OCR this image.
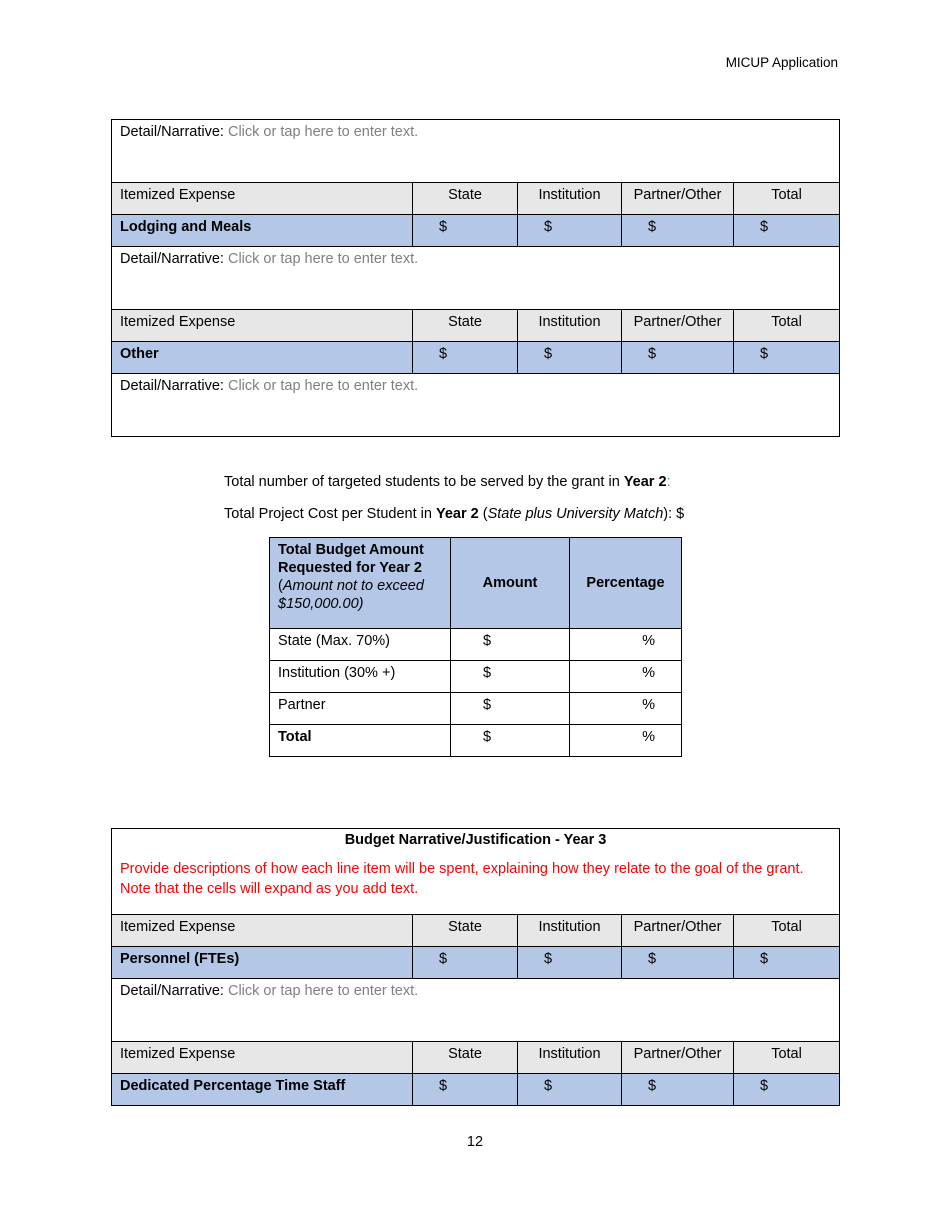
MICUP Application
Detail/Narrative: Click or tap here to enter text.				
Itemized Expense	State	Institution	Partner/Other	Total
Lodging and Meals	$	$	$	$
Detail/Narrative: Click or tap here to enter text.				
Itemized Expense	State	Institution	Partner/Other	Total
Other	$	$	$	$
Detail/Narrative: Click or tap here to enter text.				
Total number of targeted students to be served by the grant in Year 2:
Total Project Cost per Student in Year 2 (State plus University Match): $
Total Budget Amount Requested for Year 2
(Amount not to exceed $150,000.00)	Amount	Percentage
State (Max. 70%)	$	%
Institution (30% +)	$	%
Partner	$	%
Total	$	%
Budget Narrative/Justification - Year 3
Provide descriptions of how each line item will be spent, explaining how they relate to the goal of the grant. Note that the cells will expand as you add text.				

Itemized Expense	State	Institution	Partner/Other	Total
Personnel (FTEs)	$	$	$	$
Detail/Narrative: Click or tap here to enter text.				
Itemized Expense	State	Institution	Partner/Other	Total
Dedicated Percentage Time Staff	$	$	$	$
12
